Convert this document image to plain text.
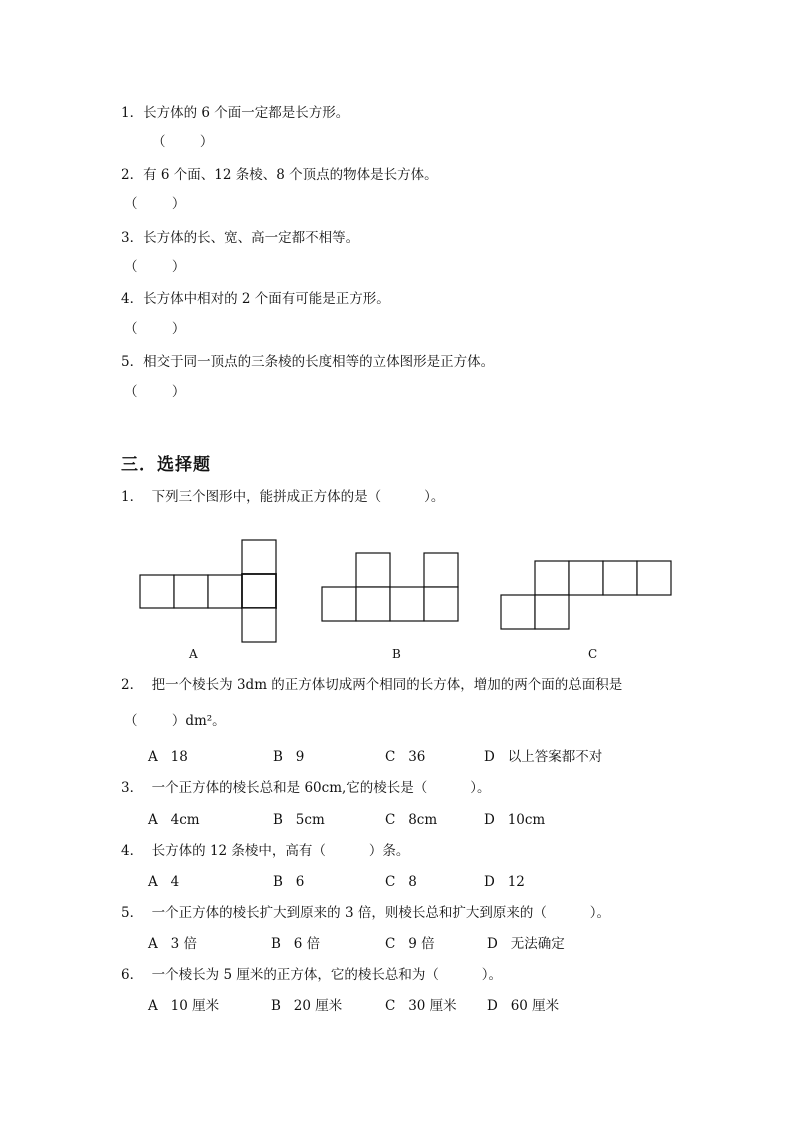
1．长方体的 6 个面一定都是长方形。
（        ）
2．有 6 个面、12 条棱、8 个顶点的物体是长方体。
（        ）
3．长方体的长、宽、高一定都不相等。
（        ）
4．长方体中相对的 2 个面有可能是正方形。
（        ）
5．相交于同一顶点的三条棱的长度相等的立体图形是正方体。
（        ）
三．选择题
1．  下列三个图形中，能拼成正方体的是（          ）。
A	B	C
2．  把一个棱长为 3dm 的正方体切成两个相同的长方体，增加的两个面的总面积是
（        ）dm²。
A   18	B   9	C   36	D   以上答案都不对
3．  一个正方体的棱长总和是 60cm,它的棱长是（          ）。
A   4cm	B   5cm	C   8cm	D   10cm
4．  长方体的 12 条棱中，高有（          ）条。
A   4	B   6	C   8	D   12
5．  一个正方体的棱长扩大到原来的 3 倍，则棱长总和扩大到原来的（          ）。
A   3 倍	B   6 倍	C   9 倍	D   无法确定
6．  一个棱长为 5 厘米的正方体，它的棱长总和为（          ）。
A   10 厘米	B   20 厘米	C   30 厘米 D   60 厘米
